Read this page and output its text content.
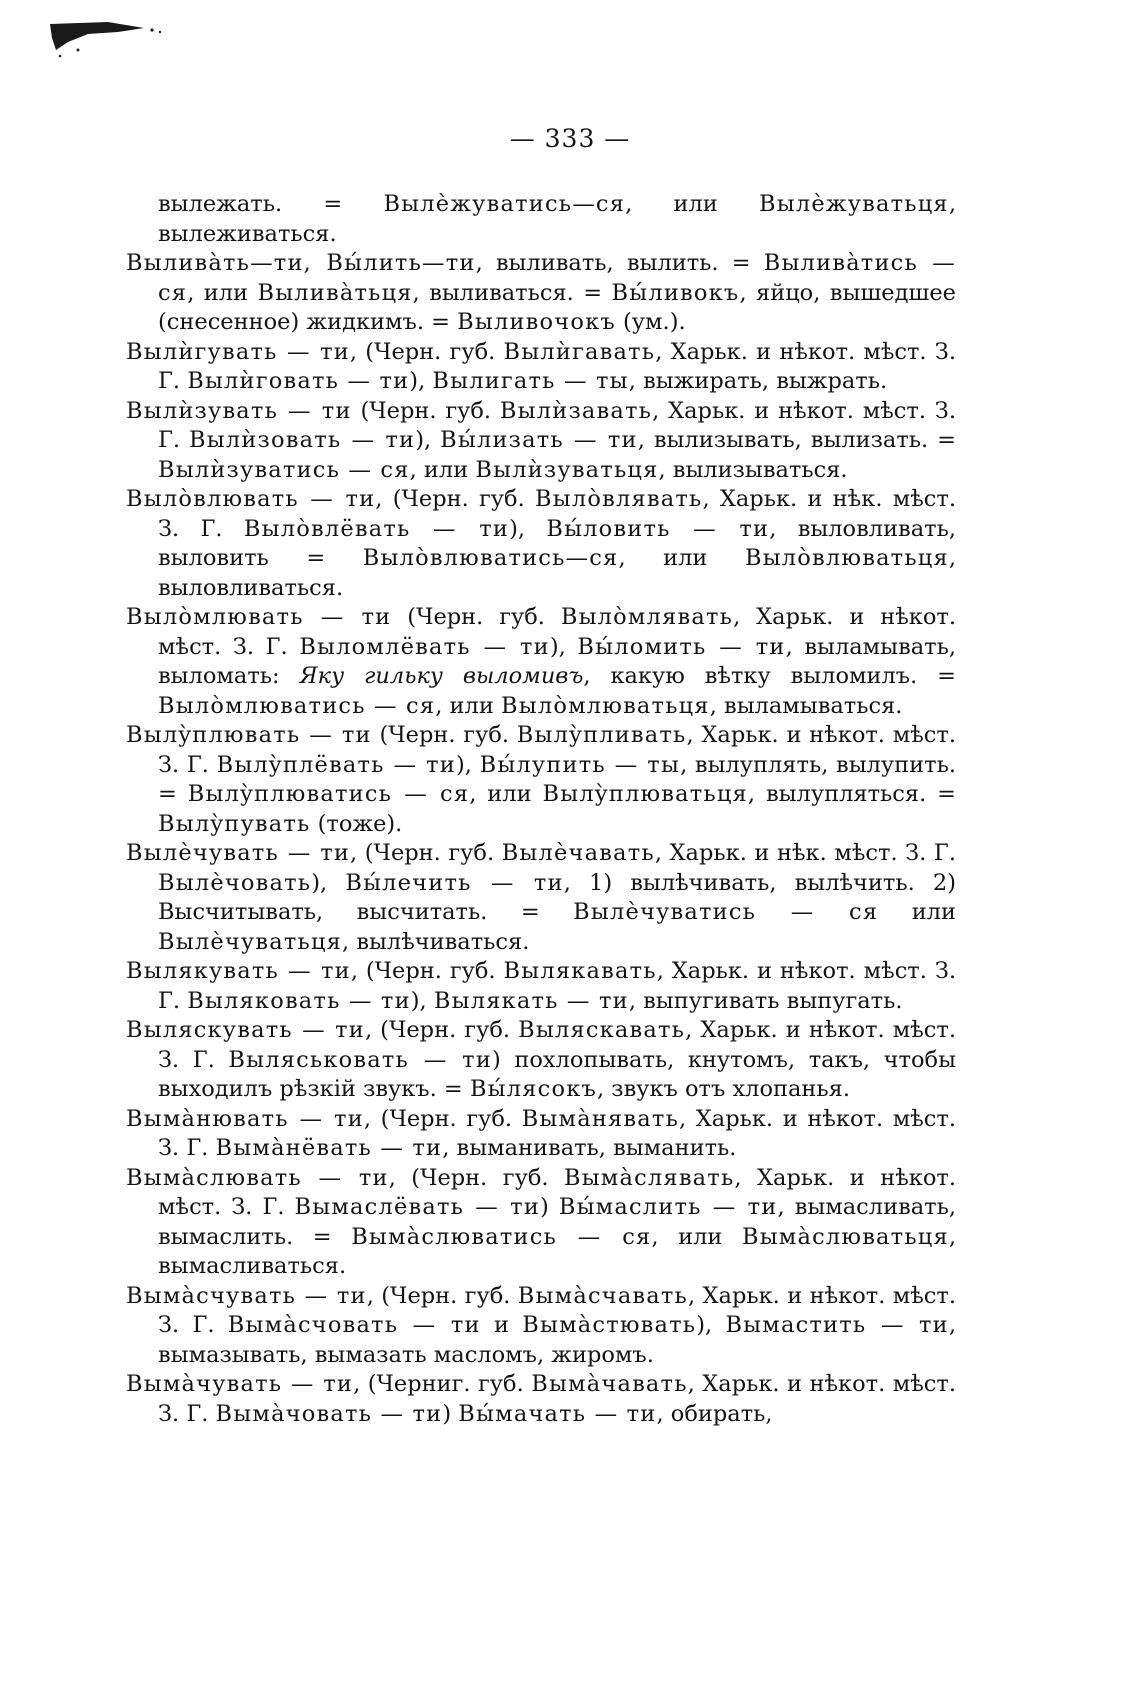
— 333 —

вылежать. = Вылѐжуватись—ся, или Вылѐжуватьця, вылеживаться.

Выливàть—ти, Вы́лить—ти, выливать, вылить. = Выливàтись —ся, или Выливàтьця, выливаться. = Вы́ливокъ, яйцо, вышедшее (снесенное) жидкимъ. = Выливочокъ (ум.).

Вылѝгувать — ти, (Черн. губ. Вылѝгавать, Харьк. и нѣкот. мѣст. З. Г. Вылѝговать — ти), Вылигать — ты, выжирать, выжрать.

Вылѝзувать — ти (Черн. губ. Вылѝзавать, Харьк. и нѣкот. мѣст. З. Г. Вылѝзовать — ти), Вы́лизать — ти, вылизывать, вылизать. = Вылѝзуватись — ся, или Вылѝзуватьця, вылизываться.

Вылòвлювать — ти, (Черн. губ. Вылòвлявать, Харьк. и нѣк. мѣст. З. Г. Вылòвлёвать — ти), Вы́ловить — ти, выловливать, выловить = Вылòвлюватись—ся, или Вылòвлюватьця, выловливаться.

Вылòмлювать — ти (Черн. губ. Вылòмлявать, Харьк. и нѣкот. мѣст. З. Г. Выломлёвать — ти), Вы́ломить — ти, выламывать, выломать: Яку гильку выломивъ, какую вѣтку выломилъ. = Вылòмлюватись — ся, или Вылòмлюватьця, выламываться.

Вылỳплювать — ти (Черн. губ. Вылỳпливать, Харьк. и нѣкот. мѣст. З. Г. Вылỳплёвать — ти), Вы́лупить — ты, вылуплять, вылупить. = Вылỳплюватись — ся, или Вылỳплюватьця, вылупляться. = Вылỳпувать (тоже).

Вылѐчувать — ти, (Черн. губ. Вылѐчавать, Харьк. и нѣк. мѣст. З. Г. Вылѐчовать), Вы́лечить — ти, 1) вылѣчивать, вылѣчить. 2) Высчитывать, высчитать. = Вылѐчуватись — ся или Вылѐчуватьця, вылѣчиваться.

Вылякувать — ти, (Черн. губ. Вылякавать, Харьк. и нѣкот. мѣст. З. Г. Выляковать — ти), Вылякать — ти, выпугивать выпугать.

Выляскувать — ти, (Черн. губ. Выляскавать, Харьк. и нѣкот. мѣст. З. Г. Выляськовать — ти) похлопывать, кнутомъ, такъ, чтобы выходилъ рѣзкій звукъ. = Вы́лясокъ, звукъ отъ хлопанья.

Вымàнювать — ти, (Черн. губ. Вымàнявать, Харьк. и нѣкот. мѣст. З. Г. Вымàнёвать — ти, выманивать, выманить.

Вымàслювать — ти, (Черн. губ. Вымàслявать, Харьк. и нѣкот. мѣст. З. Г. Вымаслёвать — ти) Вы́маслить — ти, вымасливать, вымаслить. = Вымàслюватись — ся, или Вымàслюватьця, вымасливаться.

Вымàсчувать — ти, (Черн. губ. Вымàсчавать, Харьк. и нѣкот. мѣст. З. Г. Вымàсчовать — ти и Вымàстювать), Вымастить — ти, вымазывать, вымазать масломъ, жиромъ.

Вымàчувать — ти, (Черниг. губ. Вымàчавать, Харьк. и нѣкот. мѣст. З. Г. Вымàчовать — ти) Вы́мачать — ти, обирать,
